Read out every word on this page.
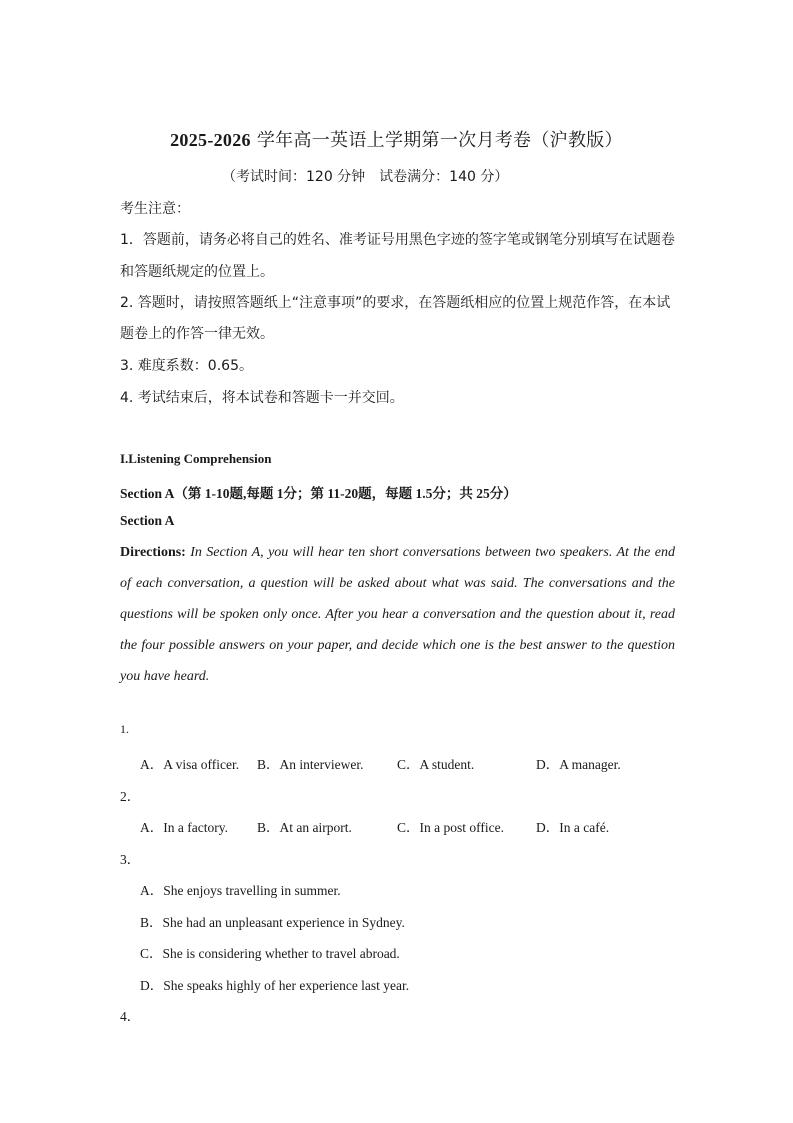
2025-2026 学年高一英语上学期第一次月考卷（沪教版）
（考试时间：120 分钟　试卷满分：140 分）
考生注意：
1．答题前，请务必将自己的姓名、准考证号用黑色字迹的签字笔或钢笔分别填写在试题卷
和答题纸规定的位置上。
2. 答题时，请按照答题纸上“注意事项”的要求，在答题纸相应的位置上规范作答，在本试
题卷上的作答一律无效。
3. 难度系数：0.65。
4. 考试结束后，将本试卷和答题卡一并交回。
I.Listening Comprehension
Section A（第 1-10题,每题 1分；第 11-20题，每题 1.5分；共 25分）
Section A
Directions: In Section A, you will hear ten short conversations between two speakers. At the end of each conversation, a question will be asked about what was said. The conversations and the questions will be spoken only once. After you hear a conversation and the question about it, read the four possible answers on your paper, and decide which one is the best answer to the question you have heard.
1.
A．A visa officer. B．An interviewer. C．A student.	D．A manager.
2．
A．In a factory. B．At an airport.	C．In a post office. D．In a café.
3．
A．She enjoys travelling in summer.
B．She had an unpleasant experience in Sydney.
C．She is considering whether to travel abroad.
D．She speaks highly of her experience last year.
4．
